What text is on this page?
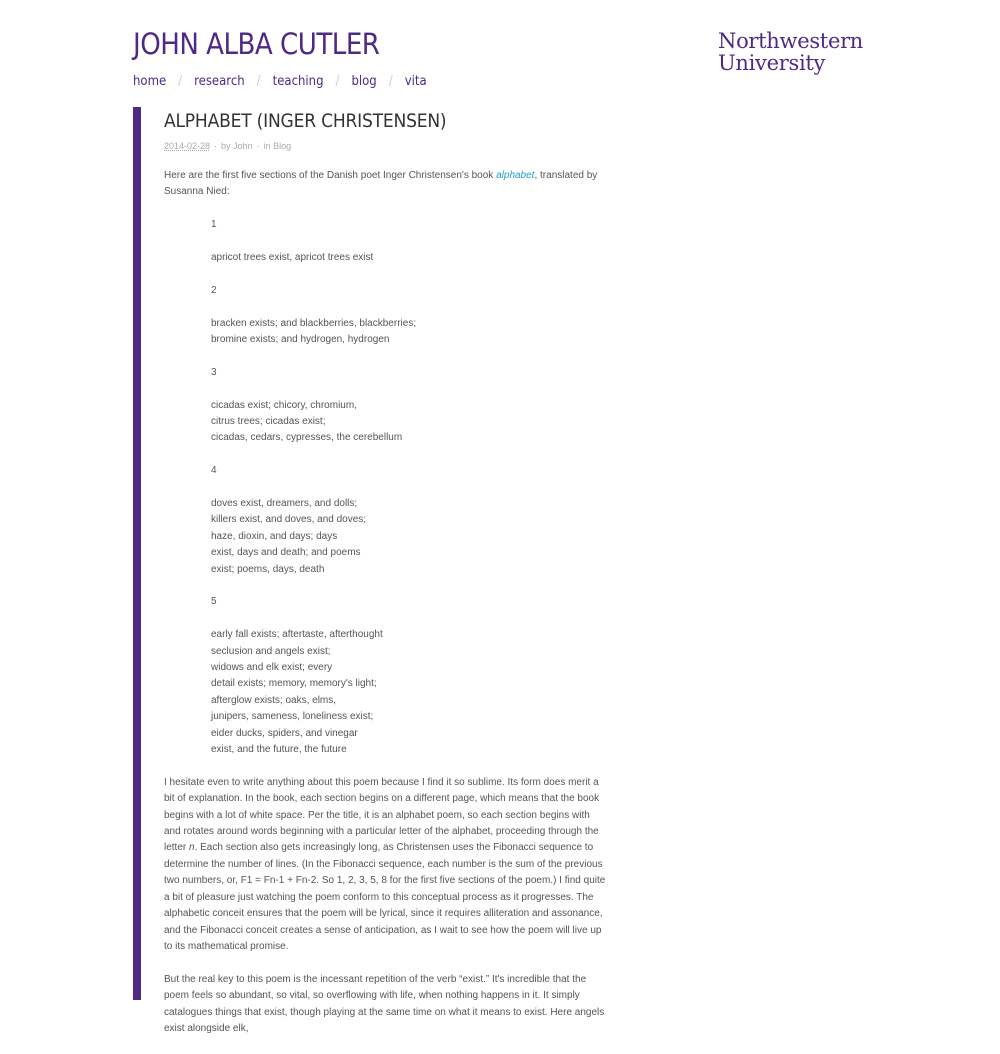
JOHN ALBA CUTLER	Northwestern
University
home / research / teaching / blog / vita
ALPHABET (INGER CHRISTENSEN)
2014-02-28 · by John · in Blog

Here are the first five sections of the Danish poet Inger Christensen's book alphabet, translated by Susanna Nied:

1
apricot trees exist, apricot trees exist
2
bracken exists; and blackberries, blackberries;
bromine exists; and hydrogen, hydrogen
3
cicadas exist; chicory, chromium,
citrus trees; cicadas exist;
cicadas, cedars, cypresses, the cerebellum
4
doves exist, dreamers, and dolls;
killers exist, and doves, and doves;
haze, dioxin, and days; days
exist, days and death; and poems
exist; poems, days, death
5
early fall exists; aftertaste, afterthought
seclusion and angels exist;
widows and elk exist; every
detail exists; memory, memory's light;
afterglow exists; oaks, elms,
junipers, sameness, loneliness exist;
eider ducks, spiders, and vinegar
exist, and the future, the future

I hesitate even to write anything about this poem because I find it so sublime. Its form does merit a bit of explanation. In the book, each section begins on a different page, which means that the book begins with a lot of white space. Per the title, it is an alphabet poem, so each section begins with and rotates around words beginning with a particular letter of the alphabet, proceeding through the letter n. Each section also gets increasingly long, as Christensen uses the Fibonacci sequence to determine the number of lines. (In the Fibonacci sequence, each number is the sum of the previous two numbers, or, F1 = Fn-1 + Fn-2. So 1, 2, 3, 5, 8 for the first five sections of the poem.) I find quite a bit of pleasure just watching the poem conform to this conceptual process as it progresses. The alphabetic conceit ensures that the poem will be lyrical, since it requires alliteration and assonance, and the Fibonacci conceit creates a sense of anticipation, as I wait to see how the poem will live up to its mathematical promise.

But the real key to this poem is the incessant repetition of the verb “exist.” It's incredible that the poem feels so abundant, so vital, so overflowing with life, when nothing happens in it. It simply catalogues things that exist, though playing at the same time on what it means to exist. Here angels exist alongside elk,
